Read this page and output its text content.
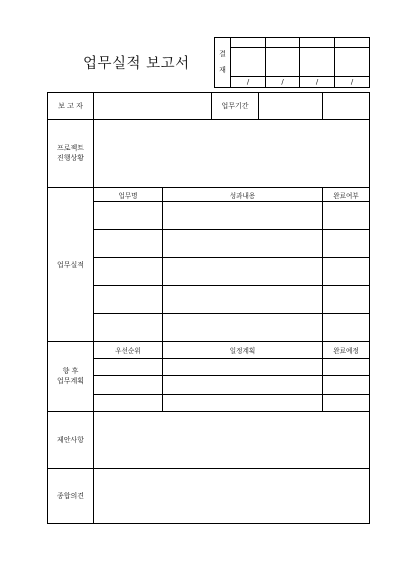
업무실적 보고서
결
재				

	/	/	/	/
보 고 자			업무기간	

프로젝트
진행상황				
업무실적	업무명	성과내용		완료여부

향 후
업무계획	우선순위	일정계획		완료예정

제안사항				
종합의견				
